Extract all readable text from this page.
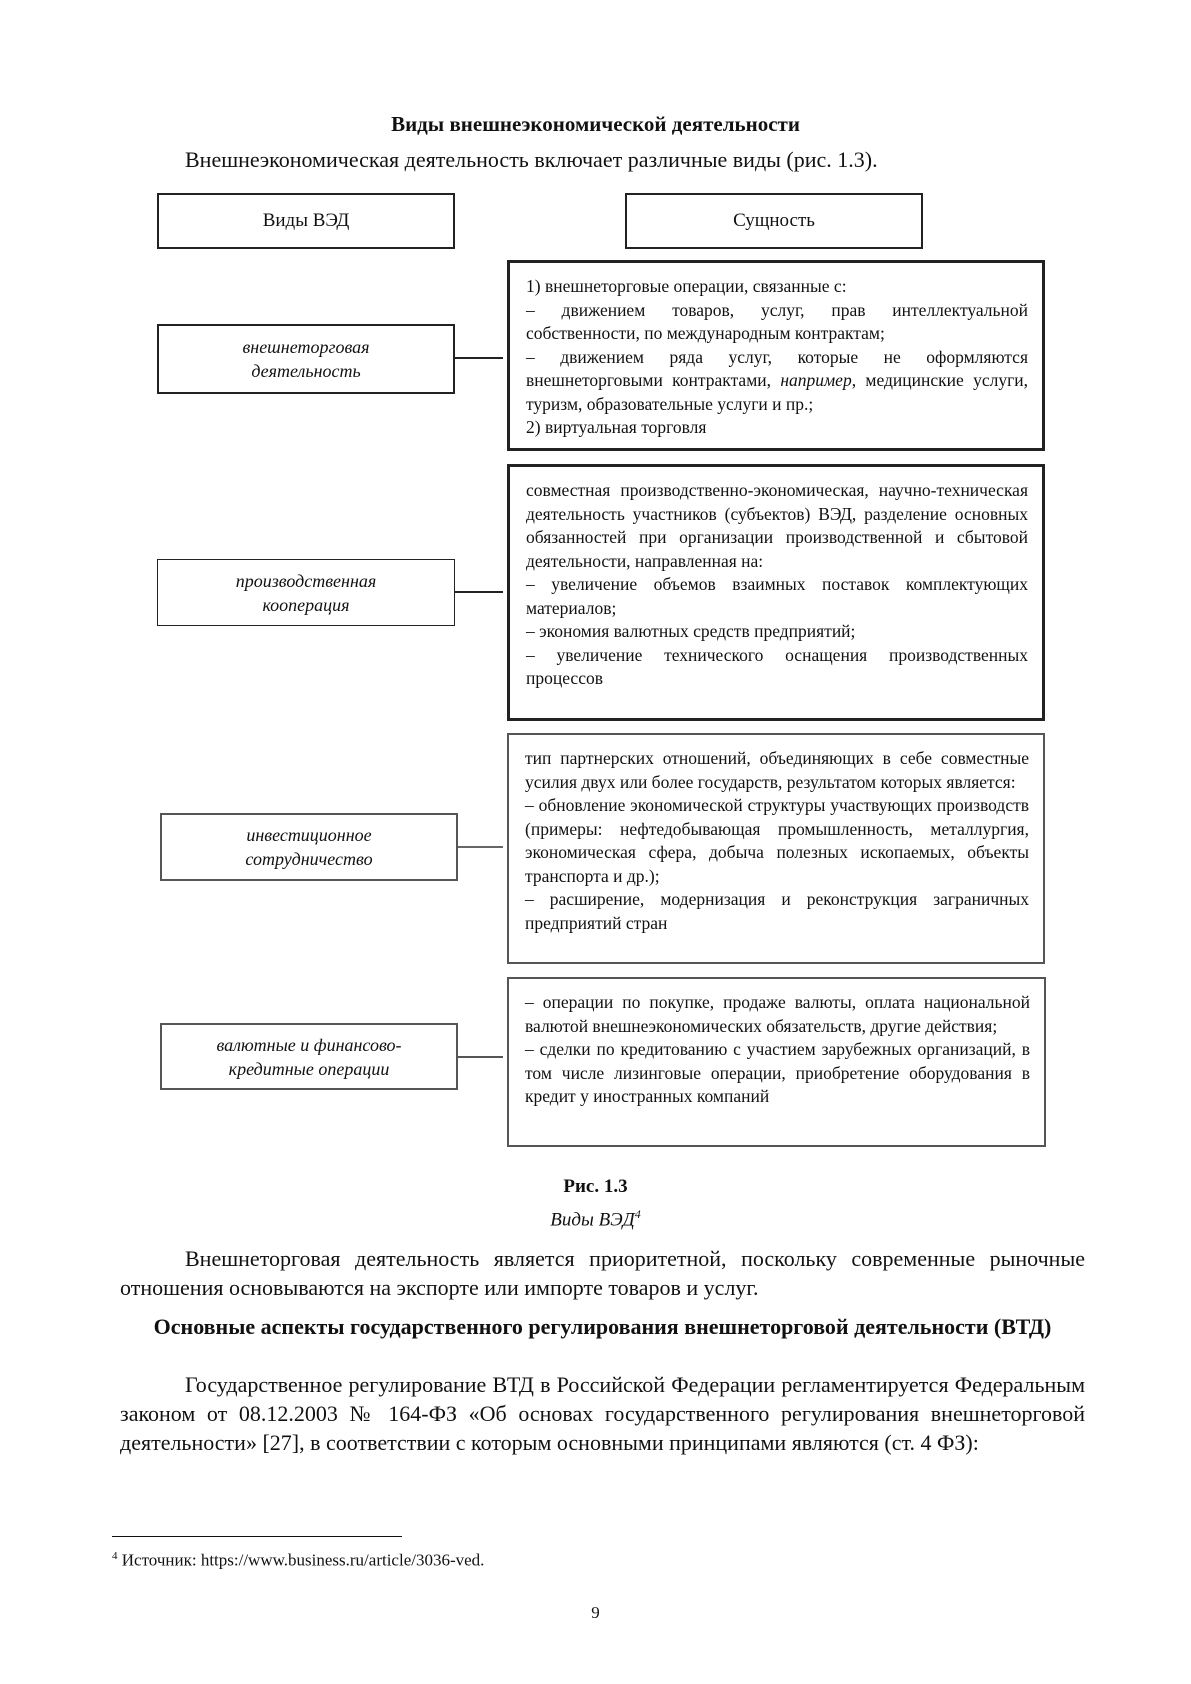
Виды внешнеэкономической деятельности
Внешнеэкономическая деятельность включает различные виды (рис. 1.3).
Виды ВЭД	Сущность
внешнеторговая
деятельность

1) внешнеторговые операции, связанные с:

– движением товаров, услуг, прав интеллектуальной собственности, по международным контрактам;

– движением ряда услуг, которые не оформляются внешнеторговыми контрактами, например, медицинские услуги, туризм, образовательные услуги и пр.;

2) виртуальная торговля

производственная
кооперация

совместная производственно-экономическая, научно-техническая деятельность участников (субъектов) ВЭД, разделение основных обязанностей при организации производственной и сбытовой деятельности, направленная на:

– увеличение объемов взаимных поставок комплектующих материалов;

– экономия валютных средств предприятий;

– увеличение технического оснащения производственных процессов

инвестиционное
сотрудничество

тип партнерских отношений, объединяющих в себе совместные усилия двух или более государств, результатом которых является:

– обновление экономической структуры участвующих производств (примеры: нефтедобывающая промышленность, металлургия, экономическая сфера, добыча полезных ископаемых, объекты транспорта и др.);

– расширение, модернизация и реконструкция заграничных предприятий стран

валютные и финансово-
кредитные операции

– операции по покупке, продаже валюты, оплата национальной валютой внешнеэкономических обязательств, другие действия;

– сделки по кредитованию с участием зарубежных организаций, в том числе лизинговые операции, приобретение оборудования в кредит у иностранных компаний

Рис. 1.3
Виды ВЭД$^4$
Внешнеторговая деятельность является приоритетной, поскольку современные рыночные отношения основываются на экспорте или импорте товаров и услуг.
Основные аспекты государственного регулирования внешнеторговой деятельности (ВТД)
Государственное регулирование ВТД в Российской Федерации регламентируется Федеральным законом от 08.12.2003 № 164-ФЗ «Об основах государственного регулирования внешнеторговой деятельности» [27], в соответствии с которым основными принципами являются (ст. 4 ФЗ):
$^4$ Источник: https://www.business.ru/article/3036-ved.
9
